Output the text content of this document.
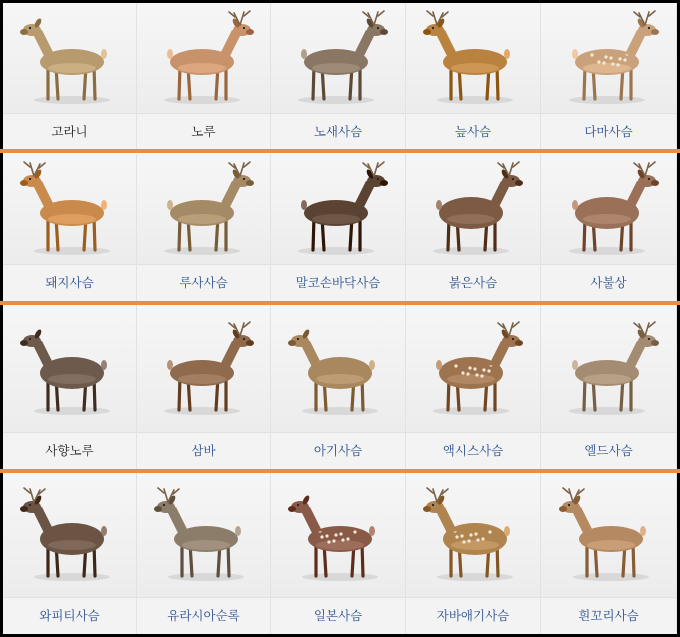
고라니	노루	노새사슴	늪사슴	다마사슴
돼지사슴	루사사슴	말코손바닥사슴	붉은사슴	사불상
사향노루	삼바	아기사슴	액시스사슴	엘드사슴
와피티사슴	유라시아순록	일본사슴	자바애기사슴	흰꼬리사슴
